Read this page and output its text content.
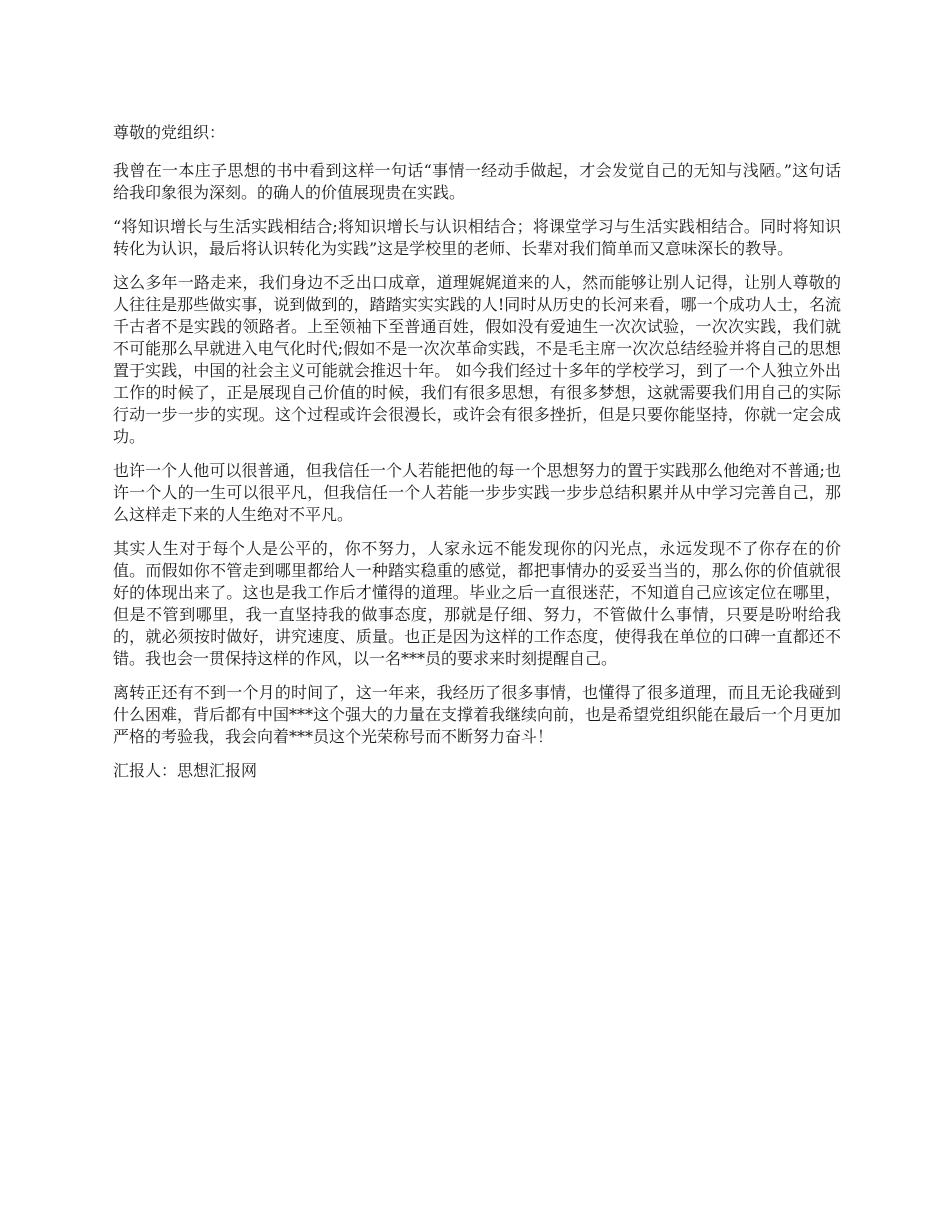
尊敬的党组织：

我曾在一本庄子思想的书中看到这样一句话“事情一经动手做起，才会发觉自己的无知与浅陋。”这句话给我印象很为深刻。的确人的价值展现贵在实践。

“将知识增长与生活实践相结合;将知识增长与认识相结合；将课堂学习与生活实践相结合。同时将知识转化为认识，最后将认识转化为实践”这是学校里的老师、长辈对我们简单而又意味深长的教导。

这么多年一路走来，我们身边不乏出口成章，道理娓娓道来的人，然而能够让别人记得，让别人尊敬的人往往是那些做实事，说到做到的，踏踏实实实践的人!同时从历史的长河来看，哪一个成功人士，名流千古者不是实践的领路者。上至领袖下至普通百姓，假如没有爱迪生一次次试验，一次次实践，我们就不可能那么早就进入电气化时代;假如不是一次次革命实践，不是毛主席一次次总结经验并将自己的思想置于实践，中国的社会主义可能就会推迟十年。 如今我们经过十多年的学校学习，到了一个人独立外出工作的时候了，正是展现自己价值的时候，我们有很多思想，有很多梦想，这就需要我们用自己的实际行动一步一步的实现。这个过程或许会很漫长，或许会有很多挫折，但是只要你能坚持，你就一定会成功。

也许一个人他可以很普通，但我信任一个人若能把他的每一个思想努力的置于实践那么他绝对不普通;也许一个人的一生可以很平凡，但我信任一个人若能一步步实践一步步总结积累并从中学习完善自己，那么这样走下来的人生绝对不平凡。

其实人生对于每个人是公平的，你不努力，人家永远不能发现你的闪光点，永远发现不了你存在的价值。而假如你不管走到哪里都给人一种踏实稳重的感觉，都把事情办的妥妥当当的，那么你的价值就很好的体现出来了。这也是我工作后才懂得的道理。毕业之后一直很迷茫，不知道自己应该定位在哪里，但是不管到哪里，我一直坚持我的做事态度，那就是仔细、努力，不管做什么事情，只要是吩咐给我的，就必须按时做好，讲究速度、质量。也正是因为这样的工作态度，使得我在单位的口碑一直都还不错。我也会一贯保持这样的作风，以一名***员的要求来时刻提醒自己。

离转正还有不到一个月的时间了，这一年来，我经历了很多事情，也懂得了很多道理，而且无论我碰到什么困难，背后都有中国***这个强大的力量在支撑着我继续向前，也是希望党组织能在最后一个月更加严格的考验我，我会向着***员这个光荣称号而不断努力奋斗！

汇报人：思想汇报网
